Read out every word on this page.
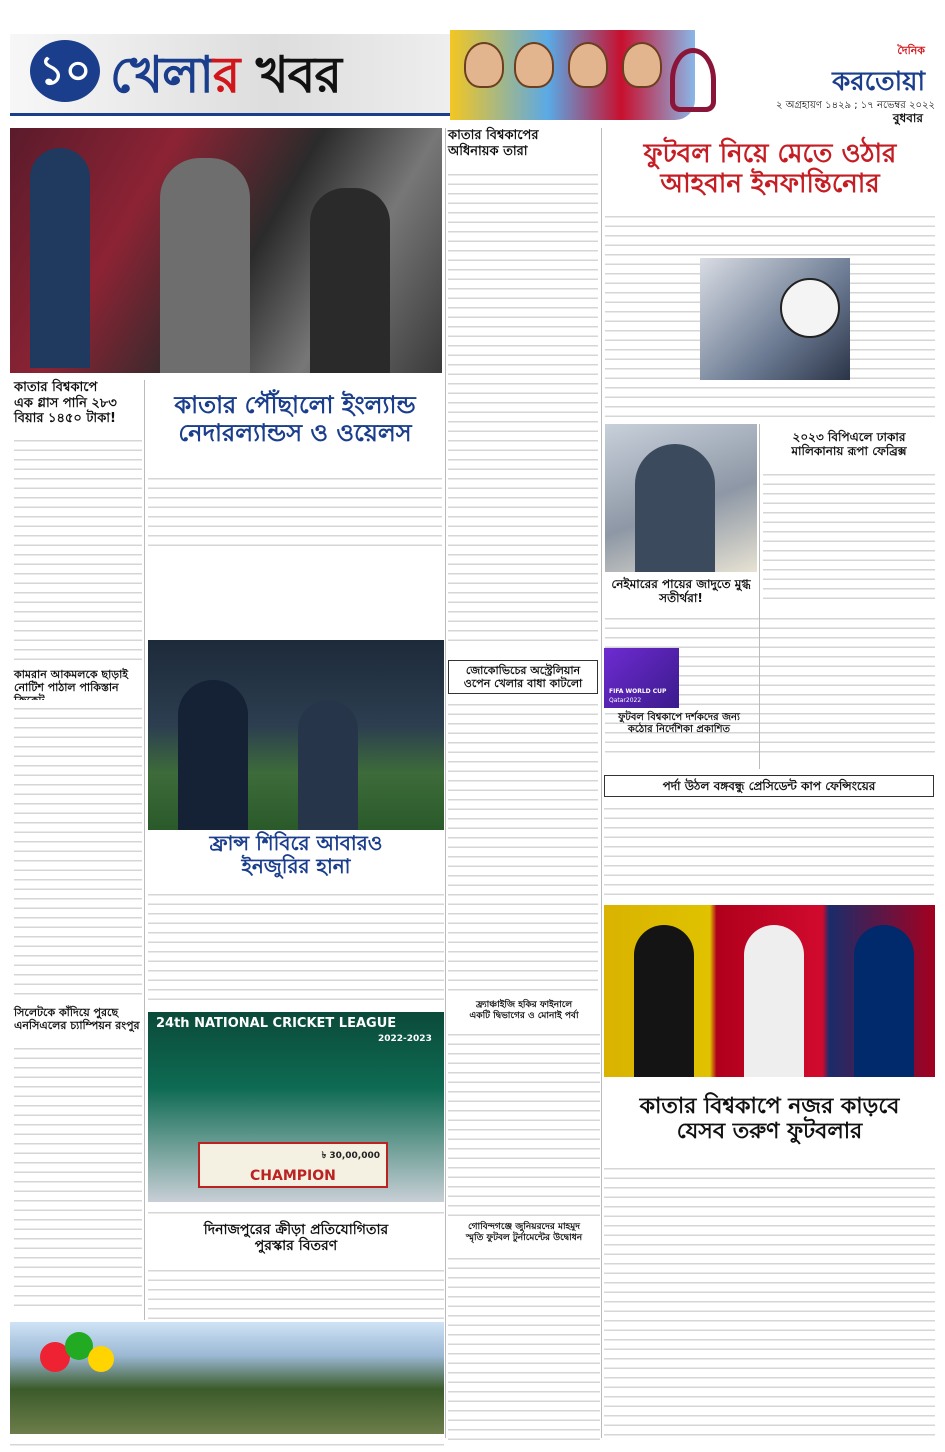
১০ খেলার খবর	দৈনিক
করতোয়া
বুধবার
২ অগ্রহায়ণ ১৪২৯ ; ১৭ নভেম্বর ২০২২
কাতার বিশ্বকাপে
এক গ্লাস পানি ২৮৩
বিয়ার ১৪৫০ টাকা!
কামরান আকমলকে ছাড়াই
নোটিশ পাঠাল পাকিস্তান
সিলেটকে কাঁদিয়ে পুরছে
এনসিএলের চ্যাম্পিয়ন রংপুর
কাতার পৌঁছালো ইংল্যান্ড
নেদারল্যান্ডস ও ওয়েলস
কাতার বিশ্বকাপের
অধিনায়ক তারা	ফুটবল নিয়ে মেতে ওঠার
আহবান ইনফান্তিনোর
নেইমারের পায়ের জাদুতে মুগ্ধ সতীর্থরা!
২০২৩ বিপিএলে ঢাকার
মালিকানায় রূপা ফেব্রিক্স
ফ্রান্স শিবিরে আবারও
ইনজুরির হানা
জোকোভিচের অস্ট্রেলিয়ান
ওপেন খেলার বাধা কাটলো
FIFA WORLD CUP
Qatar2022
ফুটবল বিশ্বকাপে দর্শকদের জন্য
কঠোর নির্দেশিকা প্রকাশিত
পর্দা উঠল বঙ্গবন্ধু প্রেসিডেন্ট কাপ ফেন্সিংয়ের
কাতার বিশ্বকাপে নজর কাড়বে
যেসব তরুণ ফুটবলার
24th NATIONAL CRICKET LEAGUE
2022-2023
CHAMPION
৳ 30,00,000
দিনাজপুরের ক্রীড়া প্রতিযোগিতার
পুরস্কার বিতরণ
গোবিন্দগঞ্জে জুনিয়রদের মাহমুদ
স্মৃতি ফুটবল টুর্নামেন্টের উদ্বোধন
ফ্র্যাঞ্চাইজি হকির ফাইনালে
একটি দ্বিভাগের ও মোনাই পর্বা
